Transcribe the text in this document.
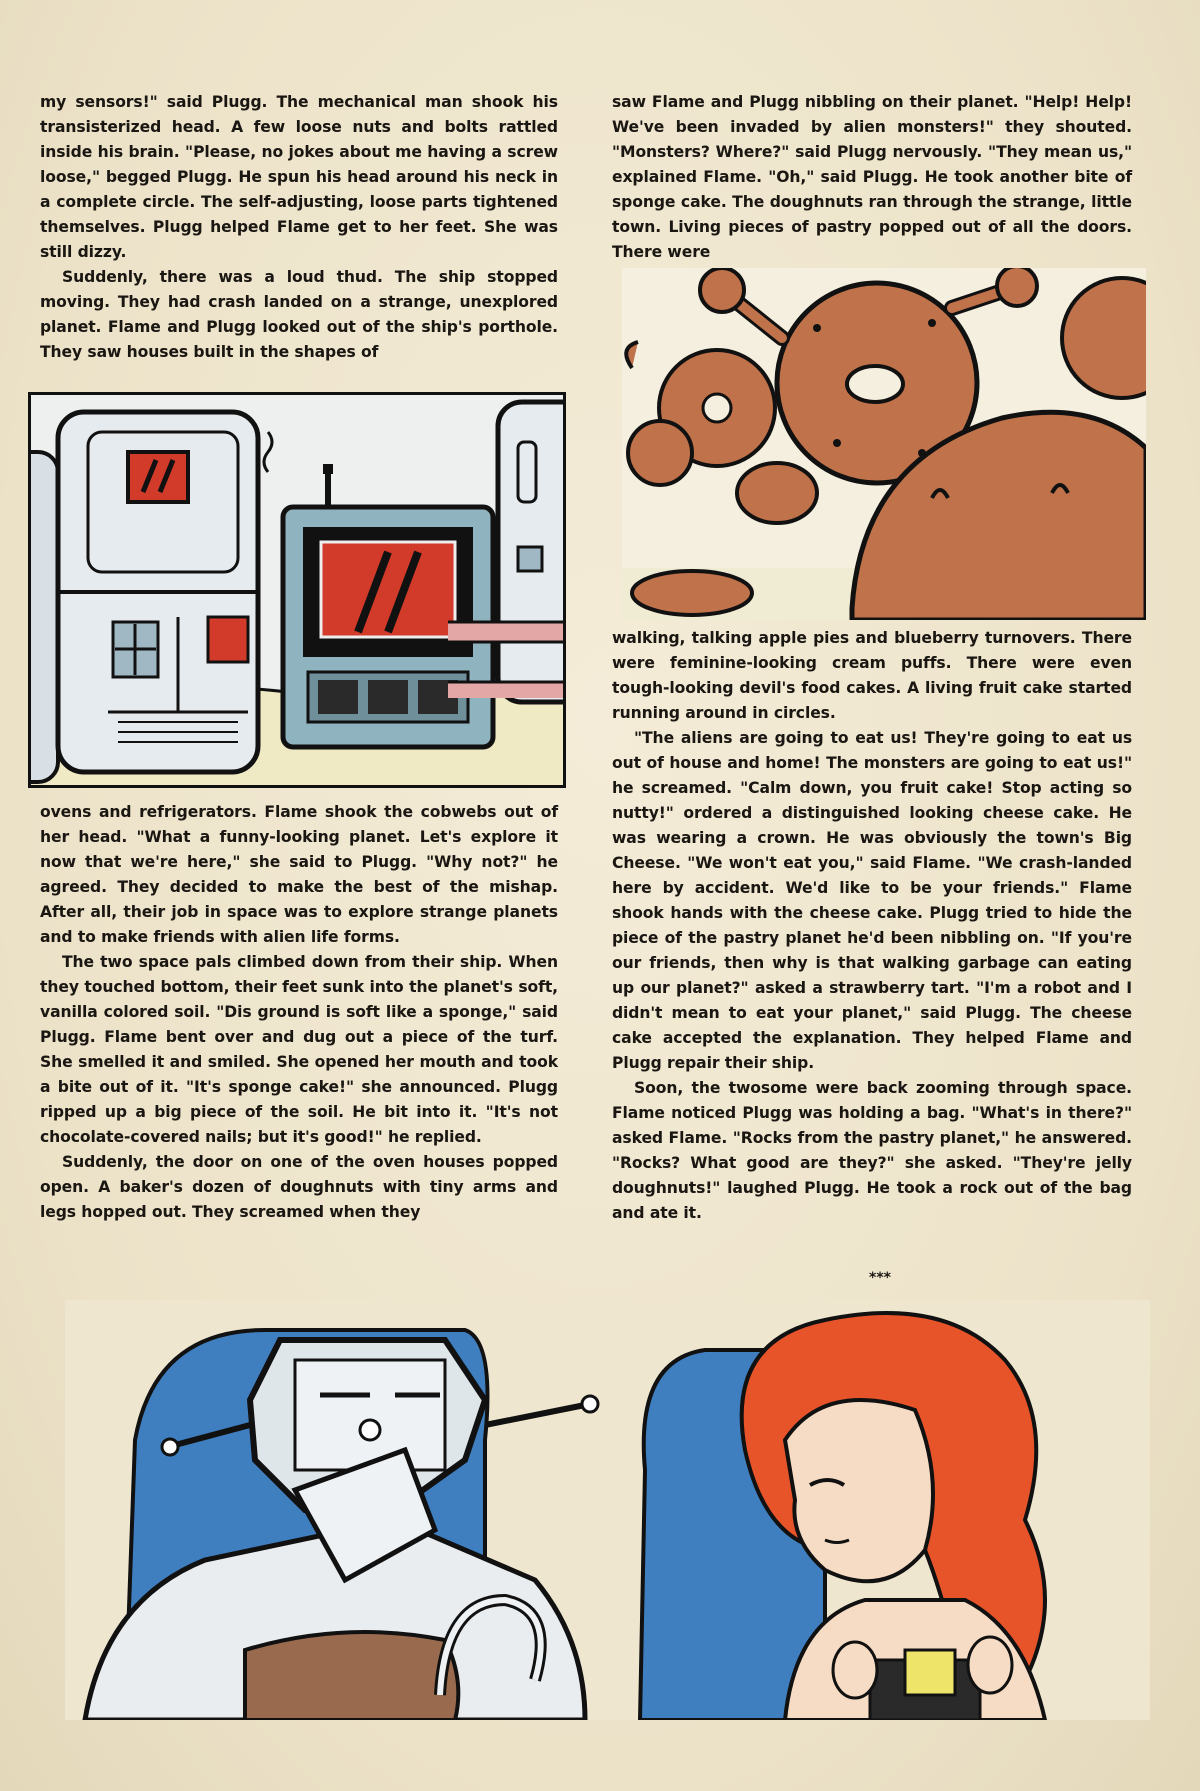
my sensors!" said Plugg. The mechanical man shook his transisterized head. A few loose nuts and bolts rattled inside his brain. "Please, no jokes about me having a screw loose," begged Plugg. He spun his head around his neck in a complete circle. The self-adjusting, loose parts tightened themselves. Plugg helped Flame get to her feet. She was still dizzy.

Suddenly, there was a loud thud. The ship stopped moving. They had crash landed on a strange, unexplored planet. Flame and Plugg looked out of the ship's porthole. They saw houses built in the shapes of

ovens and refrigerators. Flame shook the cobwebs out of her head. "What a funny-looking planet. Let's explore it now that we're here," she said to Plugg. "Why not?" he agreed. They decided to make the best of the mishap. After all, their job in space was to explore strange planets and to make friends with alien life forms.

The two space pals climbed down from their ship. When they touched bottom, their feet sunk into the planet's soft, vanilla colored soil. "Dis ground is soft like a sponge," said Plugg. Flame bent over and dug out a piece of the turf. She smelled it and smiled. She opened her mouth and took a bite out of it. "It's sponge cake!" she announced. Plugg ripped up a big piece of the soil. He bit into it. "It's not chocolate-covered nails; but it's good!" he replied.

Suddenly, the door on one of the oven houses popped open. A baker's dozen of doughnuts with tiny arms and legs hopped out. They screamed when they

saw Flame and Plugg nibbling on their planet. "Help! Help! We've been invaded by alien monsters!" they shouted. "Monsters? Where?" said Plugg nervously. "They mean us," explained Flame. "Oh," said Plugg. He took another bite of sponge cake. The doughnuts ran through the strange, little town. Living pieces of pastry popped out of all the doors. There were

walking, talking apple pies and blueberry turnovers. There were feminine-looking cream puffs. There were even tough-looking devil's food cakes. A living fruit cake started running around in circles.

"The aliens are going to eat us! They're going to eat us out of house and home! The monsters are going to eat us!" he screamed. "Calm down, you fruit cake! Stop acting so nutty!" ordered a distinguished looking cheese cake. He was wearing a crown. He was obviously the town's Big Cheese. "We won't eat you," said Flame. "We crash-landed here by accident. We'd like to be your friends." Flame shook hands with the cheese cake. Plugg tried to hide the piece of the pastry planet he'd been nibbling on. "If you're our friends, then why is that walking garbage can eating up our planet?" asked a strawberry tart. "I'm a robot and I didn't mean to eat your planet," said Plugg. The cheese cake accepted the explanation. They helped Flame and Plugg repair their ship.

Soon, the twosome were back zooming through space. Flame noticed Plugg was holding a bag. "What's in there?" asked Flame. "Rocks from the pastry planet," he answered. "Rocks? What good are they?" she asked. "They're jelly doughnuts!" laughed Plugg. He took a rock out of the bag and ate it.

***
